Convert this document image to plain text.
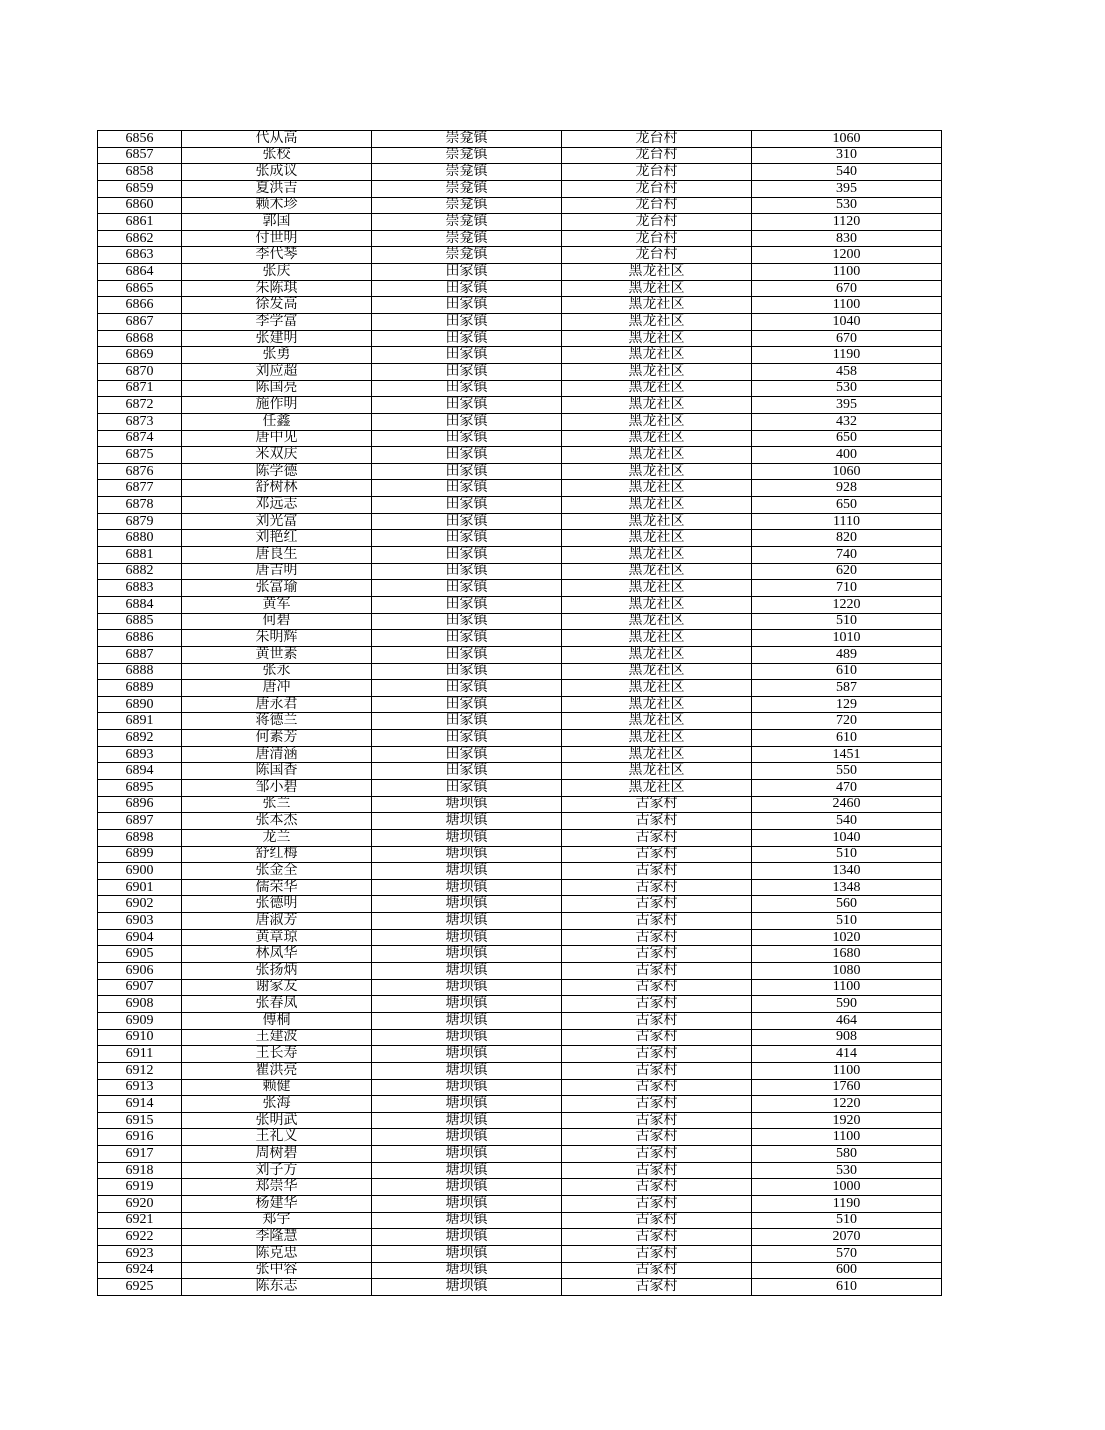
6856	代从高	崇龛镇	龙台村	1060
6857	张校	崇龛镇	龙台村	310
6858	张成议	崇龛镇	龙台村	540
6859	夏洪吉	崇龛镇	龙台村	395
6860	赖术珍	崇龛镇	龙台村	530
6861	郭国	崇龛镇	龙台村	1120
6862	付世明	崇龛镇	龙台村	830
6863	李代琴	崇龛镇	龙台村	1200
6864	张庆	田家镇	黑龙社区	1100
6865	朱陈琪	田家镇	黑龙社区	670
6866	徐发高	田家镇	黑龙社区	1100
6867	李学富	田家镇	黑龙社区	1040
6868	张建明	田家镇	黑龙社区	670
6869	张勇	田家镇	黑龙社区	1190
6870	刘应超	田家镇	黑龙社区	458
6871	陈国亮	田家镇	黑龙社区	530
6872	施作明	田家镇	黑龙社区	395
6873	任鑫	田家镇	黑龙社区	432
6874	唐中见	田家镇	黑龙社区	650
6875	米双庆	田家镇	黑龙社区	400
6876	陈学德	田家镇	黑龙社区	1060
6877	舒树林	田家镇	黑龙社区	928
6878	邓远志	田家镇	黑龙社区	650
6879	刘光富	田家镇	黑龙社区	1110
6880	刘艳红	田家镇	黑龙社区	820
6881	唐良生	田家镇	黑龙社区	740
6882	唐吉明	田家镇	黑龙社区	620
6883	张富瑜	田家镇	黑龙社区	710
6884	黄军	田家镇	黑龙社区	1220
6885	何碧	田家镇	黑龙社区	510
6886	朱明辉	田家镇	黑龙社区	1010
6887	黄世素	田家镇	黑龙社区	489
6888	张永	田家镇	黑龙社区	610
6889	唐冲	田家镇	黑龙社区	587
6890	唐永君	田家镇	黑龙社区	129
6891	蒋德兰	田家镇	黑龙社区	720
6892	何素芳	田家镇	黑龙社区	610
6893	唐清涵	田家镇	黑龙社区	1451
6894	陈国香	田家镇	黑龙社区	550
6895	邹小碧	田家镇	黑龙社区	470
6896	张兰	塘坝镇	古家村	2460
6897	张本杰	塘坝镇	古家村	540
6898	龙兰	塘坝镇	古家村	1040
6899	舒红梅	塘坝镇	古家村	510
6900	张金全	塘坝镇	古家村	1340
6901	儒荣华	塘坝镇	古家村	1348
6902	张德明	塘坝镇	古家村	560
6903	唐淑芳	塘坝镇	古家村	510
6904	黄章琼	塘坝镇	古家村	1020
6905	林凤华	塘坝镇	古家村	1680
6906	张扬炳	塘坝镇	古家村	1080
6907	谢家友	塘坝镇	古家村	1100
6908	张春凤	塘坝镇	古家村	590
6909	傅桐	塘坝镇	古家村	464
6910	王建波	塘坝镇	古家村	908
6911	王长寿	塘坝镇	古家村	414
6912	瞿洪亮	塘坝镇	古家村	1100
6913	赖健	塘坝镇	古家村	1760
6914	张海	塘坝镇	古家村	1220
6915	张明武	塘坝镇	古家村	1920
6916	王礼义	塘坝镇	古家村	1100
6917	周树碧	塘坝镇	古家村	580
6918	刘子方	塘坝镇	古家村	530
6919	郑崇华	塘坝镇	古家村	1000
6920	杨建华	塘坝镇	古家村	1190
6921	郑宇	塘坝镇	古家村	510
6922	李隆慧	塘坝镇	古家村	2070
6923	陈克忠	塘坝镇	古家村	570
6924	张中容	塘坝镇	古家村	600
6925	陈东志	塘坝镇	古家村	610
